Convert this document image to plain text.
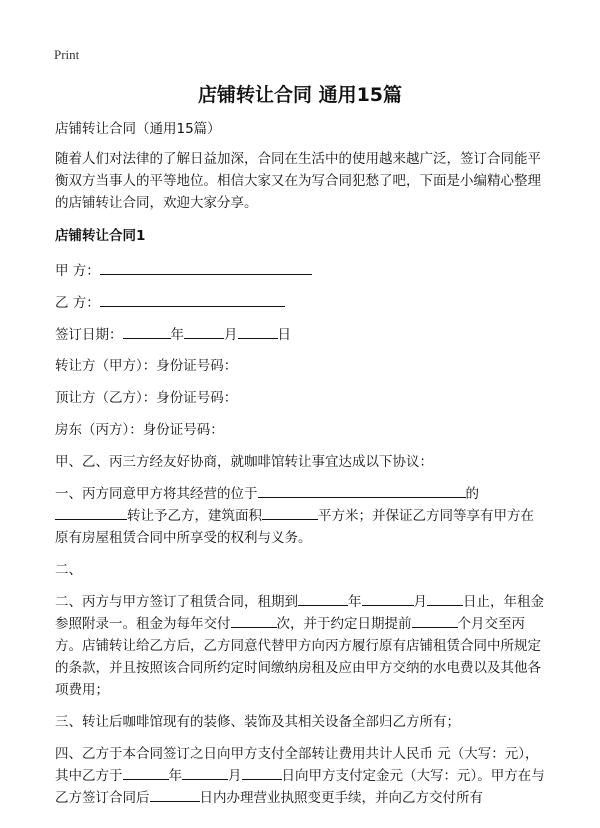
Print
店铺转让合同 通用15篇

店铺转让合同（通用15篇）

随着人们对法律的了解日益加深，合同在生活中的使用越来越广泛，签订合同能平衡双方当事人的平等地位。相信大家又在为写合同犯愁了吧，下面是小编精心整理的店铺转让合同，欢迎大家分享。

店铺转让合同1

甲 方：

乙 方：

签订日期：	年	月	日

转让方（甲方）：身份证号码：

顶让方（乙方）：身份证号码：

房东（丙方）：身份证号码：

甲、乙、丙三方经友好协商，就咖啡馆转让事宜达成以下协议：

一、丙方同意甲方将其经营的位于	的
转让予乙方，建筑面积	平方米；并保证乙方同等享有甲方在原有房屋租赁合同中所享受的权利与义务。

二、

二、丙方与甲方签订了租赁合同，租期到	年	月	日止，年租金参照附录一。租金为每年交付	次，并于约定日期提前	个月交至丙方。店铺转让给乙方后，乙方同意代替甲方向丙方履行原有店铺租赁合同中所规定的条款，并且按照该合同所约定时间缴纳房租及应由甲方交纳的水电费以及其他各项费用；

三、转让后咖啡馆现有的装修、装饰及其相关设备全部归乙方所有；

四、乙方于本合同签订之日向甲方支付全部转让费用共计人民币 元（大写：元），其中乙方于	年	月	日向甲方支付定金元（大写：元）。甲方在与乙方签订合同后	日内办理营业执照变更手续，并向乙方交付所有
